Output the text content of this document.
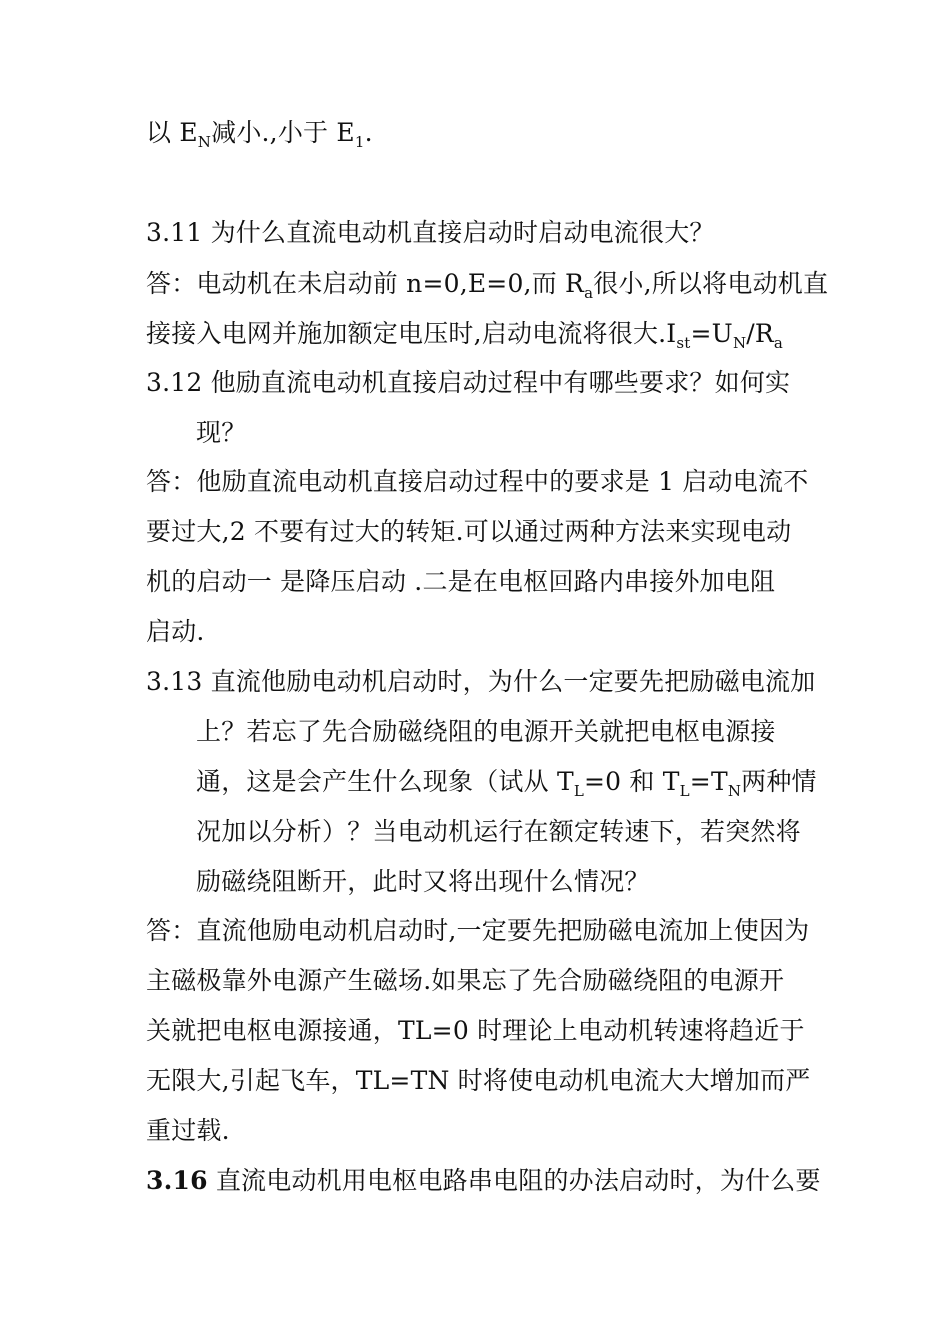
以 $E_N$减小.,小于 $E_1$.
3.11 为什么直流电动机直接启动时启动电流很大？
答：电动机在未启动前 n=0,E=0,而 $R_a$很小,所以将电动机直
接接入电网并施加额定电压时,启动电流将很大$.I_{st}=U_N/R_a$
3.12 他励直流电动机直接启动过程中有哪些要求？如何实
现？
答：他励直流电动机直接启动过程中的要求是 1 启动电流不
要过大,2 不要有过大的转矩.可以通过两种方法来实现电动
机的启动一 是降压启动 .二是在电枢回路内串接外加电阻
启动.
3.13 直流他励电动机启动时，为什么一定要先把励磁电流加
上？若忘了先合励磁绕阻的电源开关就把电枢电源接
通，这是会产生什么现象（试从 $T_L=0$ 和 $T_L=T_N$两种情
况加以分析）？当电动机运行在额定转速下，若突然将
励磁绕阻断开，此时又将出现什么情况？
答：直流他励电动机启动时,一定要先把励磁电流加上使因为
主磁极靠外电源产生磁场.如果忘了先合励磁绕阻的电源开
关就把电枢电源接通，TL=0 时理论上电动机转速将趋近于
无限大,引起飞车，TL=TN 时将使电动机电流大大增加而严
重过载.
3.16 直流电动机用电枢电路串电阻的办法启动时，为什么要
